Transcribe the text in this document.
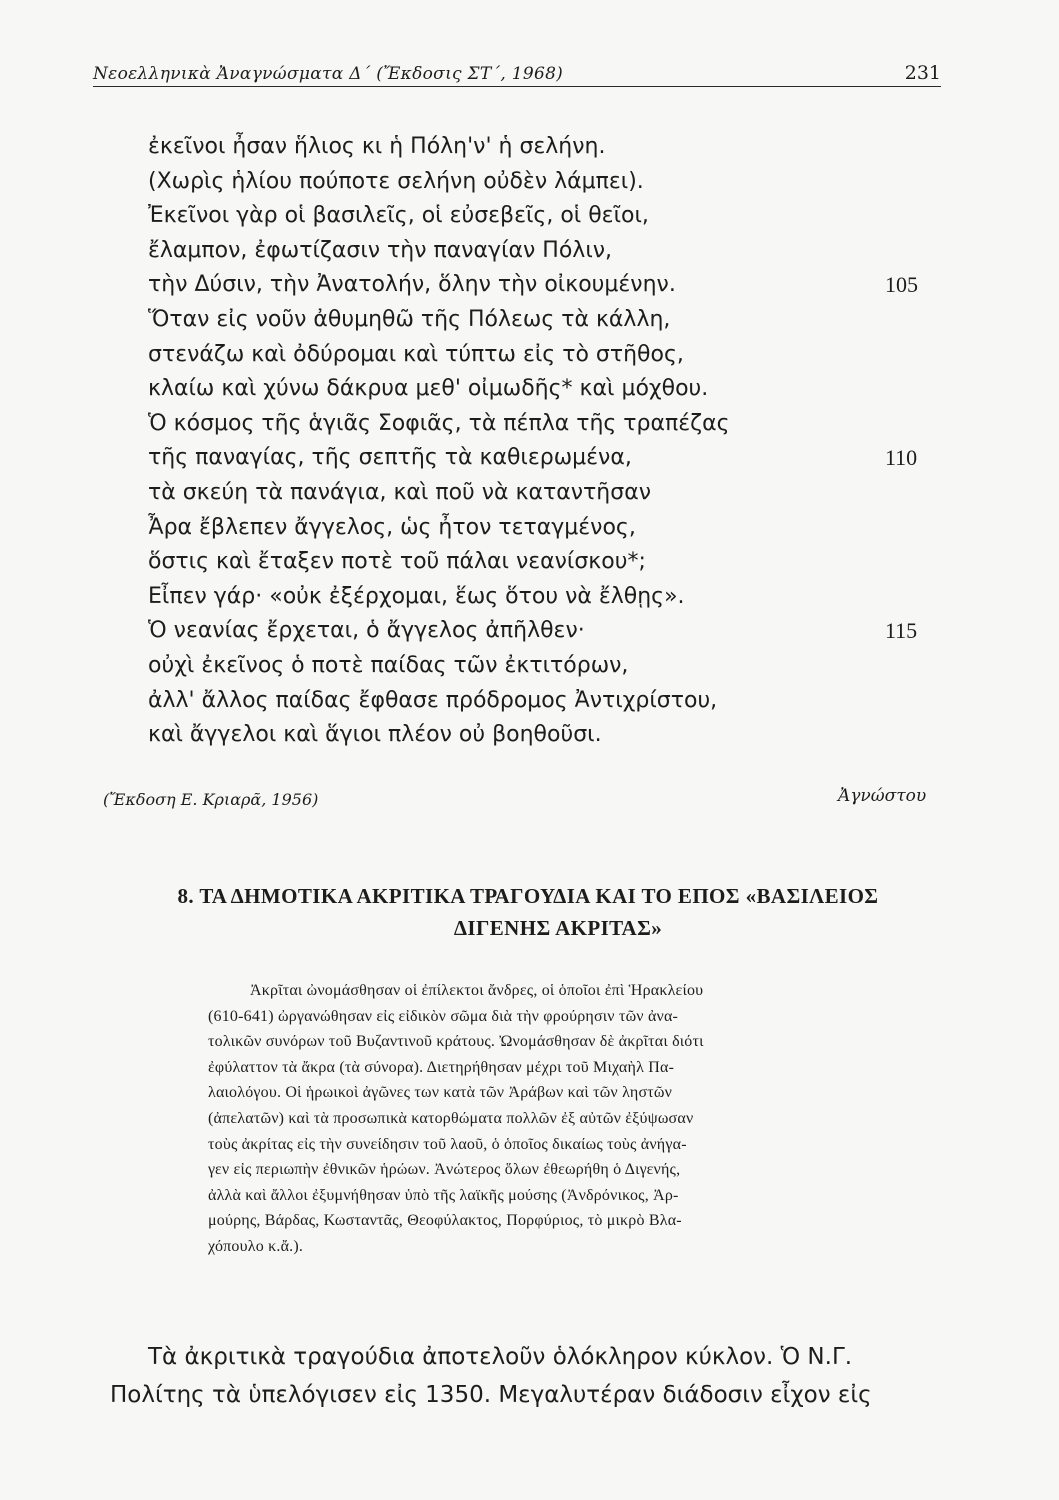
Νεοελληνικὰ Ἀναγνώσματα Δ΄ (Ἔκδοσις ΣΤ΄, 1968)	231
ἐκεῖνοι ἦσαν ἥλιος κι ἡ Πόλη'ν' ἡ σελήνη.
(Χωρὶς ἡλίου πούποτε σελήνη οὐδὲν λάμπει).
Ἐκεῖνοι γὰρ οἱ βασιλεῖς, οἱ εὐσεβεῖς, οἱ θεῖοι,
ἔλαμπον, ἐφωτίζασιν τὴν παναγίαν Πόλιν,
τὴν Δύσιν, τὴν Ἀνατολήν, ὅλην τὴν οἰκουμένην.	105
Ὅταν εἰς νοῦν ἀθυμηθῶ τῆς Πόλεως τὰ κάλλη,
στενάζω καὶ ὀδύρομαι καὶ τύπτω εἰς τὸ στῆθος,
κλαίω καὶ χύνω δάκρυα μεθ' οἰμωδῆς* καὶ μόχθου.
Ὁ κόσμος τῆς ἁγιᾶς Σοφιᾶς, τὰ πέπλα τῆς τραπέζας
τῆς παναγίας, τῆς σεπτῆς τὰ καθιερωμένα,	110
τὰ σκεύη τὰ πανάγια, καὶ ποῦ νὰ καταντῆσαν
Ἆρα ἔβλεπεν ἄγγελος, ὡς ἦτον τεταγμένος,
ὅστις καὶ ἔταξεν ποτὲ τοῦ πάλαι νεανίσκου*;
Εἶπεν γάρ· «οὐκ ἐξέρχομαι, ἕως ὅτου νὰ ἔλθῃς».
Ὁ νεανίας ἔρχεται, ὁ ἄγγελος ἀπῆλθεν·	115
οὐχὶ ἐκεῖνος ὁ ποτὲ παίδας τῶν ἐκτιτόρων,
ἀλλ' ἄλλος παίδας ἔφθασε πρόδρομος Ἀντιχρίστου,
καὶ ἄγγελοι καὶ ἅγιοι πλέον οὐ βοηθοῦσι.
(Ἔκδοση Ε. Κριαρᾶ, 1956)	Ἀγνώστου
8. ΤΑ ΔΗΜΟΤΙΚΑ ΑΚΡΙΤΙΚΑ ΤΡΑΓΟΥΔΙΑ ΚΑΙ ΤΟ ΕΠΟΣ «ΒΑΣΙΛΕΙΟΣ
ΔΙΓΕΝΗΣ ΑΚΡΙΤΑΣ»
Ἀκρῖται ὠνομάσθησαν οἱ ἐπίλεκτοι ἄνδρες, οἱ ὁποῖοι ἐπὶ Ἡρακλείου
(610-641) ὠργανώθησαν εἰς εἰδικὸν σῶμα διὰ τὴν φρούρησιν τῶν ἀνα-
τολικῶν συνόρων τοῦ Βυζαντινοῦ κράτους. Ὠνομάσθησαν δὲ ἀκρῖται διότι
ἐφύλαττον τὰ ἄκρα (τὰ σύνορα). Διετηρήθησαν μέχρι τοῦ Μιχαὴλ Πα-
λαιολόγου. Οἱ ἡρωικοὶ ἀγῶνες των κατὰ τῶν Ἀράβων καὶ τῶν ληστῶν
(ἀπελατῶν) καὶ τὰ προσωπικὰ κατορθώματα πολλῶν ἐξ αὐτῶν ἐξύψωσαν
τοὺς ἀκρίτας εἰς τὴν συνείδησιν τοῦ λαοῦ, ὁ ὁποῖος δικαίως τοὺς ἀνήγα-
γεν εἰς περιωπὴν ἐθνικῶν ἡρώων. Ἀνώτερος ὅλων ἐθεωρήθη ὁ Διγενής,
ἀλλὰ καὶ ἄλλοι ἐξυμνήθησαν ὑπὸ τῆς λαϊκῆς μούσης (Ἀνδρόνικος, Ἀρ-
μούρης, Βάρδας, Κωσταντᾶς, Θεοφύλακτος, Πορφύριος, τὸ μικρὸ Βλα-
χόπουλο κ.ἄ.).
Τὰ ἀκριτικὰ τραγούδια ἀποτελοῦν ὁλόκληρον κύκλον. Ὁ Ν.Γ.
Πολίτης τὰ ὑπελόγισεν εἰς 1350. Μεγαλυτέραν διάδοσιν εἶχον εἰς
